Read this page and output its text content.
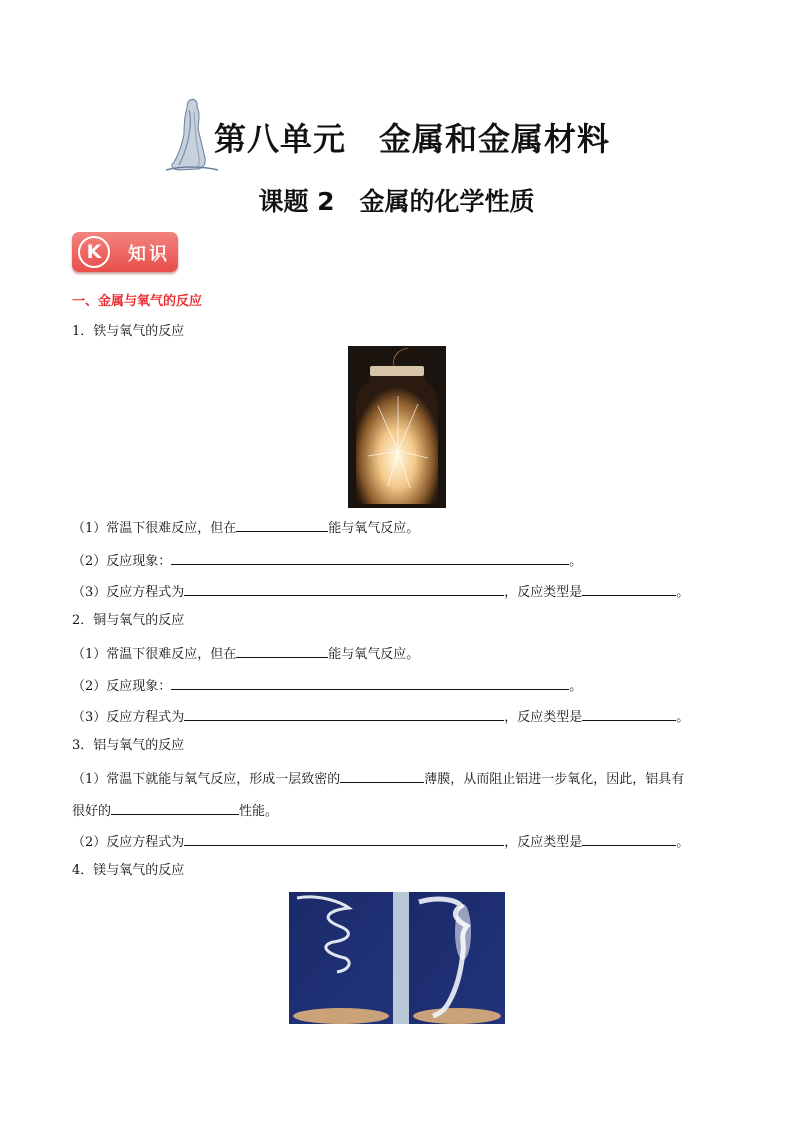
第八单元　金属和金属材料
课题 2　金属的化学性质
K	知识
一、金属与氧气的反应
1．铁与氧气的反应
（1）常温下很难反应，但在	能与氧气反应。
（2）反应现象：	。
（3）反应方程式为	，反应类型是	。
2．铜与氧气的反应
（1）常温下很难反应，但在	能与氧气反应。
（2）反应现象：	。
（3）反应方程式为	，反应类型是	。
3．铝与氧气的反应
（1）常温下就能与氧气反应，形成一层致密的	薄膜，从而阻止铝进一步氧化，因此，铝具有
很好的	性能。
（2）反应方程式为	，反应类型是	。
4．镁与氧气的反应
